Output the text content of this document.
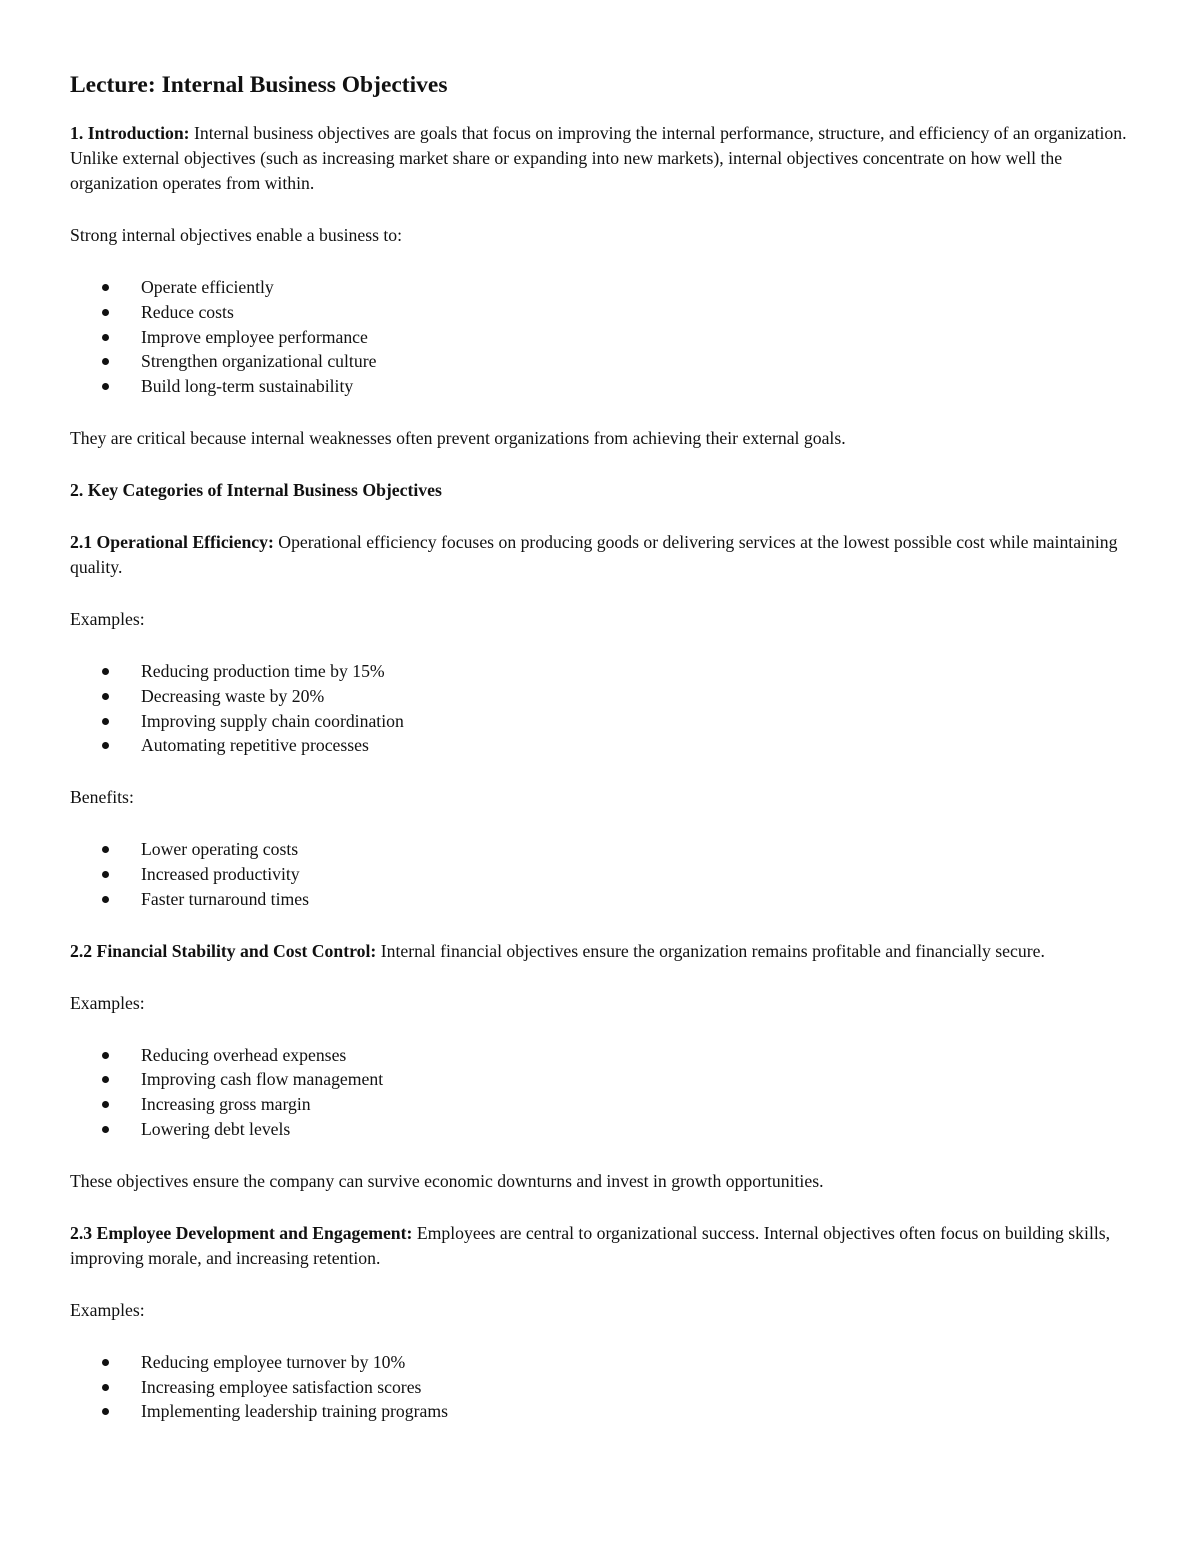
Lecture: Internal Business Objectives
1. Introduction: Internal business objectives are goals that focus on improving the internal performance, structure, and efficiency of an organization. Unlike external objectives (such as increasing market share or expanding into new markets), internal objectives concentrate on how well the organization operates from within.
Strong internal objectives enable a business to:
Operate efficiently
Reduce costs
Improve employee performance
Strengthen organizational culture
Build long-term sustainability
They are critical because internal weaknesses often prevent organizations from achieving their external goals.
2. Key Categories of Internal Business Objectives
2.1 Operational Efficiency: Operational efficiency focuses on producing goods or delivering services at the lowest possible cost while maintaining quality.
Examples:
Reducing production time by 15%
Decreasing waste by 20%
Improving supply chain coordination
Automating repetitive processes
Benefits:
Lower operating costs
Increased productivity
Faster turnaround times
2.2 Financial Stability and Cost Control: Internal financial objectives ensure the organization remains profitable and financially secure.
Examples:
Reducing overhead expenses
Improving cash flow management
Increasing gross margin
Lowering debt levels
These objectives ensure the company can survive economic downturns and invest in growth opportunities.
2.3 Employee Development and Engagement: Employees are central to organizational success. Internal objectives often focus on building skills, improving morale, and increasing retention.
Examples:
Reducing employee turnover by 10%
Increasing employee satisfaction scores
Implementing leadership training programs
